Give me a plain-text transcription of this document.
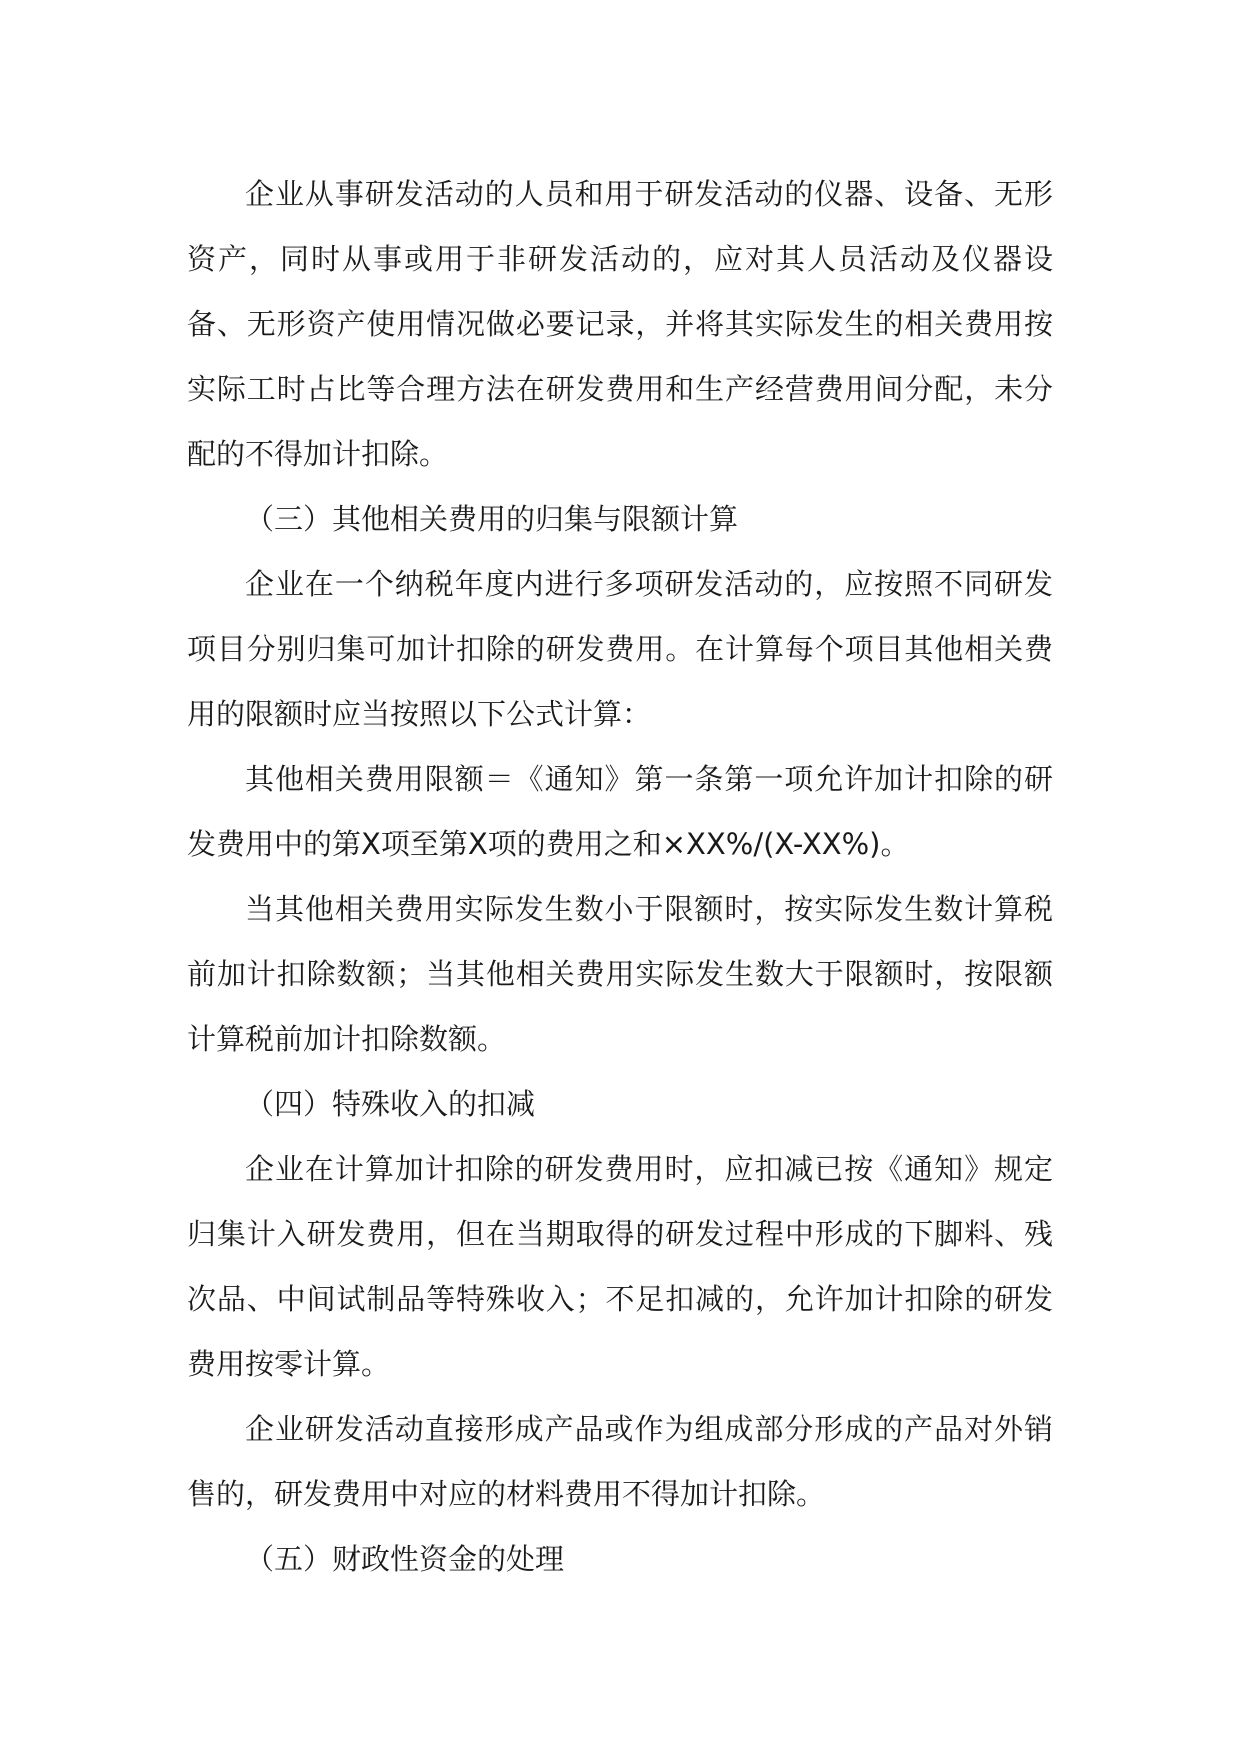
企业从事研发活动的人员和用于研发活动的仪器、设备、无形资产，同时从事或用于非研发活动的，应对其人员活动及仪器设备、无形资产使用情况做必要记录，并将其实际发生的相关费用按实际工时占比等合理方法在研发费用和生产经营费用间分配，未分配的不得加计扣除。

（三）其他相关费用的归集与限额计算

企业在一个纳税年度内进行多项研发活动的，应按照不同研发项目分别归集可加计扣除的研发费用。在计算每个项目其他相关费用的限额时应当按照以下公式计算：

其他相关费用限额＝《通知》第一条第一项允许加计扣除的研发费用中的第X项至第X项的费用之和×XX%/(X-XX%)。

当其他相关费用实际发生数小于限额时，按实际发生数计算税前加计扣除数额；当其他相关费用实际发生数大于限额时，按限额计算税前加计扣除数额。

（四）特殊收入的扣减

企业在计算加计扣除的研发费用时，应扣减已按《通知》规定归集计入研发费用，但在当期取得的研发过程中形成的下脚料、残次品、中间试制品等特殊收入；不足扣减的，允许加计扣除的研发费用按零计算。

企业研发活动直接形成产品或作为组成部分形成的产品对外销售的，研发费用中对应的材料费用不得加计扣除。

（五）财政性资金的处理
